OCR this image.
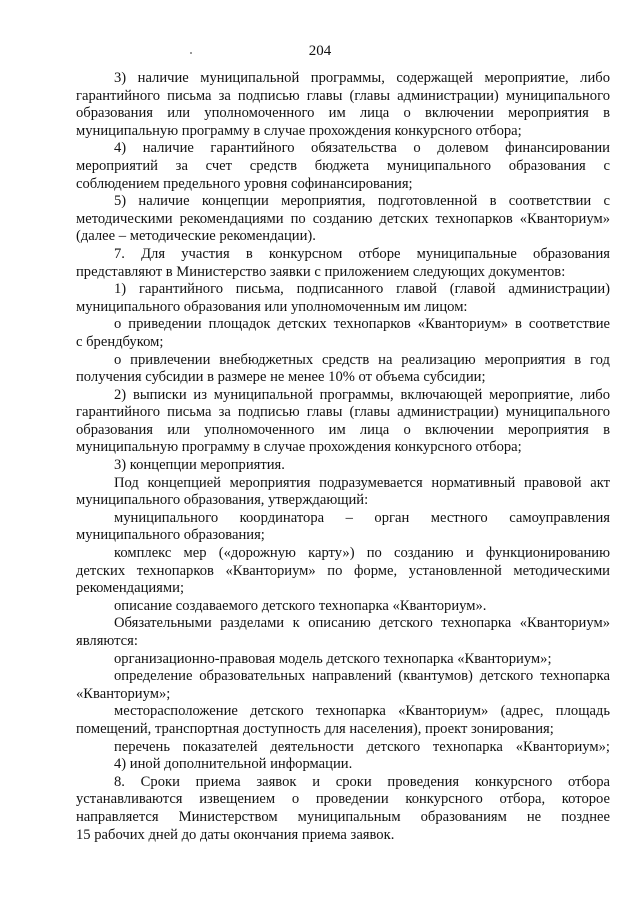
204
3) наличие муниципальной программы, содержащей мероприятие, либо
гарантийного письма за подписью главы (главы администрации) муниципального
образования или уполномоченного им лица о включении мероприятия в
муниципальную программу в случае прохождения конкурсного отбора;
4) наличие гарантийного обязательства о долевом финансировании
мероприятий за счет средств бюджета муниципального образования с
соблюдением предельного уровня софинансирования;
5) наличие концепции мероприятия, подготовленной в соответствии с
методическими рекомендациями по созданию детских технопарков «Кванториум»
(далее – методические рекомендации).
7. Для участия в конкурсном отборе муниципальные образования
представляют в Министерство заявки с приложением следующих документов:
1) гарантийного письма, подписанного главой (главой администрации)
муниципального образования или уполномоченным им лицом:
о приведении площадок детских технопарков «Кванториум» в соответствие
с брендбуком;
о привлечении внебюджетных средств на реализацию мероприятия в год
получения субсидии в размере не менее 10% от объема субсидии;
2) выписки из муниципальной программы, включающей мероприятие, либо
гарантийного письма за подписью главы (главы администрации) муниципального
образования или уполномоченного им лица о включении мероприятия в
муниципальную программу в случае прохождения конкурсного отбора;
3) концепции мероприятия.
Под концепцией мероприятия подразумевается нормативный правовой акт
муниципального образования, утверждающий:
муниципального координатора – орган местного самоуправления
муниципального образования;
комплекс мер («дорожную карту») по созданию и функционированию
детских технопарков «Кванториум» по форме, установленной методическими
рекомендациями;
описание создаваемого детского технопарка «Кванториум».
Обязательными разделами к описанию детского технопарка «Кванториум»
являются:
организационно-правовая модель детского технопарка «Кванториум»;
определение образовательных направлений (квантумов) детского технопарка
«Кванториум»;
месторасположение детского технопарка «Кванториум» (адрес, площадь
помещений, транспортная доступность для населения), проект зонирования;
перечень показателей деятельности детского технопарка «Кванториум»;
4) иной дополнительной информации.
8. Сроки приема заявок и сроки проведения конкурсного отбора
устанавливаются извещением о проведении конкурсного отбора, которое
направляется Министерством муниципальным образованиям не позднее
15 рабочих дней до даты окончания приема заявок.
